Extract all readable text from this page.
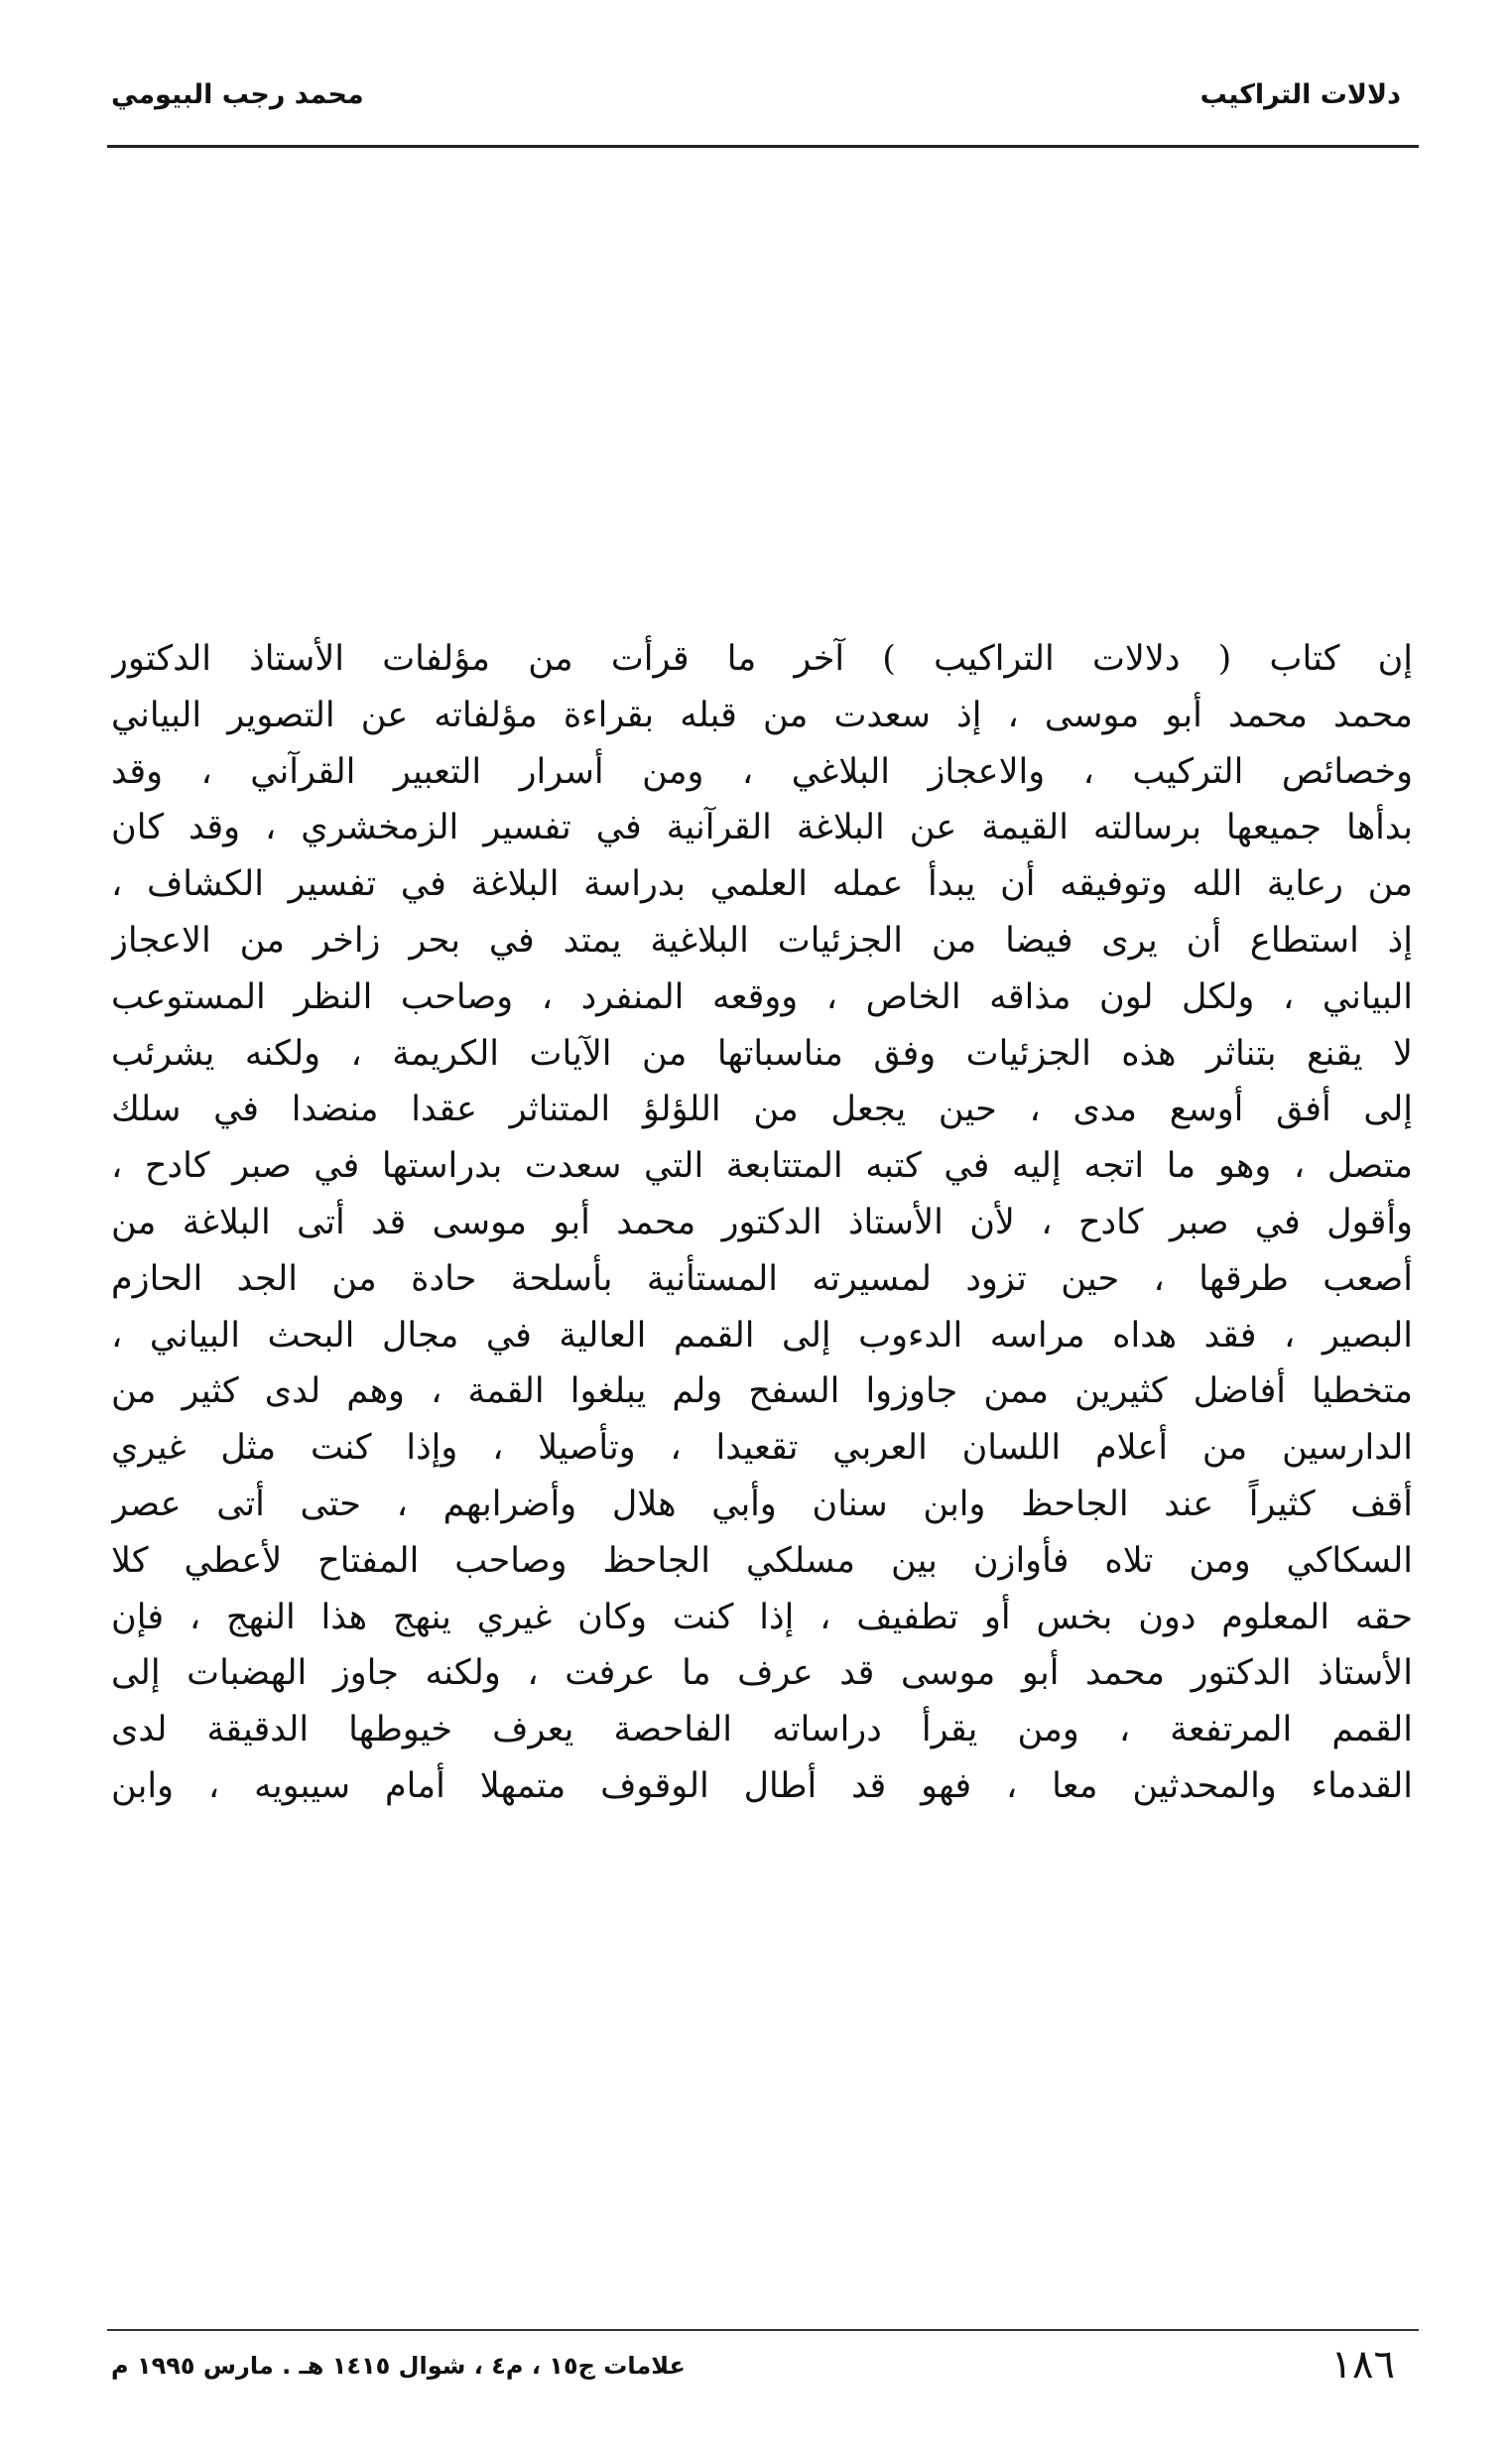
دلالات التراكيب
محمد رجب البيومي
إن كتاب ( دلالات التراكيب ) آخر ما قرأت من مؤلفات الأستاذ الدكتور
محمد محمد أبو موسى ، إذ سعدت من قبله بقراءة مؤلفاته عن التصوير البياني
وخصائص التركيب ، والاعجاز البلاغي ، ومن أسرار التعبير القرآني ، وقد
بدأها جميعها برسالته القيمة عن البلاغة القرآنية في تفسير الزمخشري ، وقد كان
من رعاية الله وتوفيقه أن يبدأ عمله العلمي بدراسة البلاغة في تفسير الكشاف ،
إذ استطاع أن يرى فيضا من الجزئيات البلاغية يمتد في بحر زاخر من الاعجاز
البياني ، ولكل لون مذاقه الخاص ، ووقعه المنفرد ، وصاحب النظر المستوعب
لا يقنع بتناثر هذه الجزئيات وفق مناسباتها من الآيات الكريمة ، ولكنه يشرئب
إلى أفق أوسع مدى ، حين يجعل من اللؤلؤ المتناثر عقدا منضدا في سلك
متصل ، وهو ما اتجه إليه في كتبه المتتابعة التي سعدت بدراستها في صبر كادح ،
وأقول في صبر كادح ، لأن الأستاذ الدكتور محمد أبو موسى قد أتى البلاغة من
أصعب طرقها ، حين تزود لمسيرته المستأنية بأسلحة حادة من الجد الحازم
البصير ، فقد هداه مراسه الدءوب إلى القمم العالية في مجال البحث البياني ،
متخطيا أفاضل كثيرين ممن جاوزوا السفح ولم يبلغوا القمة ، وهم لدى كثير من
الدارسين من أعلام اللسان العربي تقعيدا ، وتأصيلا ، وإذا كنت مثل غيري
أقف كثيراً عند الجاحظ وابن سنان وأبي هلال وأضرابهم ، حتى أتى عصر
السكاكي ومن تلاه فأوازن بين مسلكي الجاحظ وصاحب المفتاح لأعطي كلا
حقه المعلوم دون بخس أو تطفيف ، إذا كنت وكان غيري ينهج هذا النهج ، فإن
الأستاذ الدكتور محمد أبو موسى قد عرف ما عرفت ، ولكنه جاوز الهضبات إلى
القمم المرتفعة ، ومن يقرأ دراساته الفاحصة يعرف خيوطها الدقيقة لدى
القدماء والمحدثين معا ، فهو قد أطال الوقوف متمهلا أمام سيبويه ، وابن
١٨٦
علامات ج١٥ ، م٤ ، شوال ١٤١٥ هـ . مارس ١٩٩٥ م
